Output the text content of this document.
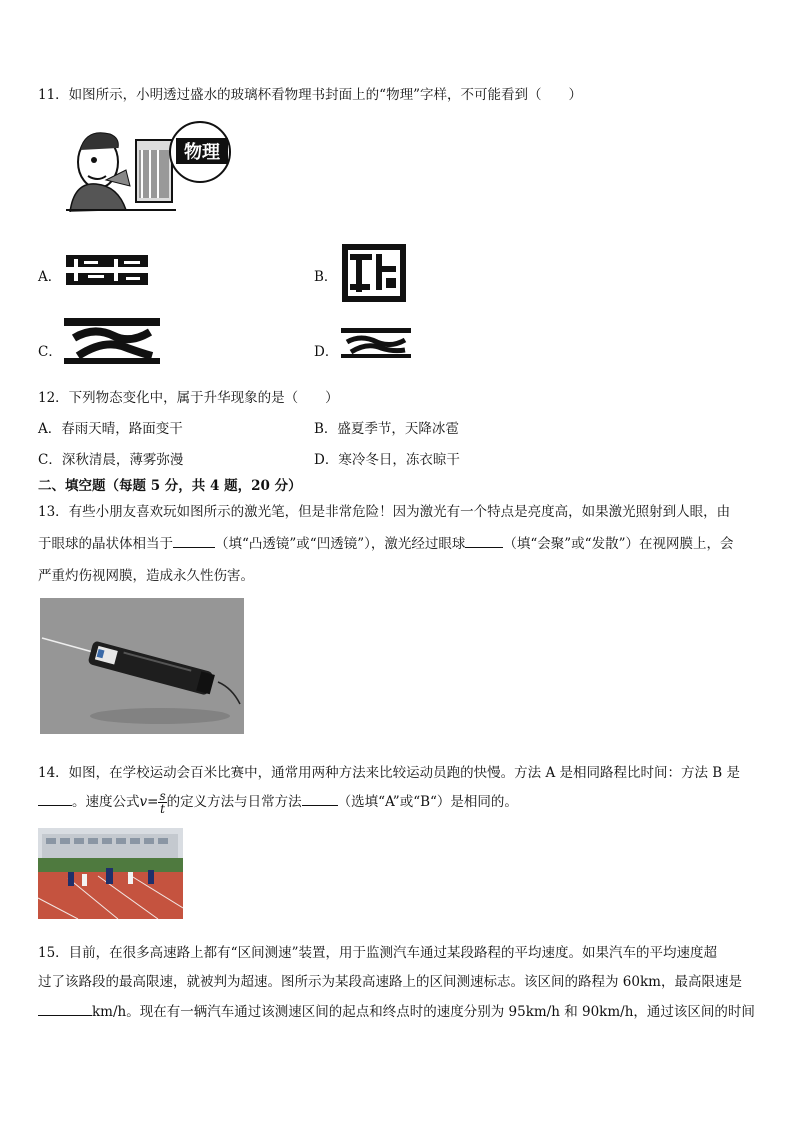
11．如图所示，小明透过盛水的玻璃杯看物理书封面上的“物理”字样，不可能看到（　　）
物理
A．	B．
C．	D．
12．下列物态变化中，属于升华现象的是（　　）
A．春雨天晴，路面变干	B．盛夏季节，天降冰雹
C．深秋清晨，薄雾弥漫	D．寒冷冬日，冻衣晾干
二、填空题（每题 5 分，共 4 题，20 分）
13．有些小朋友喜欢玩如图所示的激光笔，但是非常危险！因为激光有一个特点是亮度高，如果激光照射到人眼，由
于眼球的晶状体相当于	（填“凸透镜”或“凹透镜”），激光经过眼球	（填“会聚”或“发散”）在视网膜上，会
严重灼伤视网膜，造成永久性伤害。
14．如图，在学校运动会百米比赛中，通常用两种方法来比较运动员跑的快慢。方法 A 是相同路程比时间：方法 B 是
。速度公式$v= \frac{s}{t}$ 的定义方法与日常方法	（选填“A”或“B“）是相同的。
15．目前，在很多高速路上都有“区间测速”装置，用于监测汽车通过某段路程的平均速度。如果汽车的平均速度超
过了该路段的最高限速，就被判为超速。图所示为某段高速路上的区间测速标志。该区间的路程为 60km，最高限速是
km/h。现在有一辆汽车通过该测速区间的起点和终点时的速度分别为 95km/h 和 90km/h，通过该区间的时间
